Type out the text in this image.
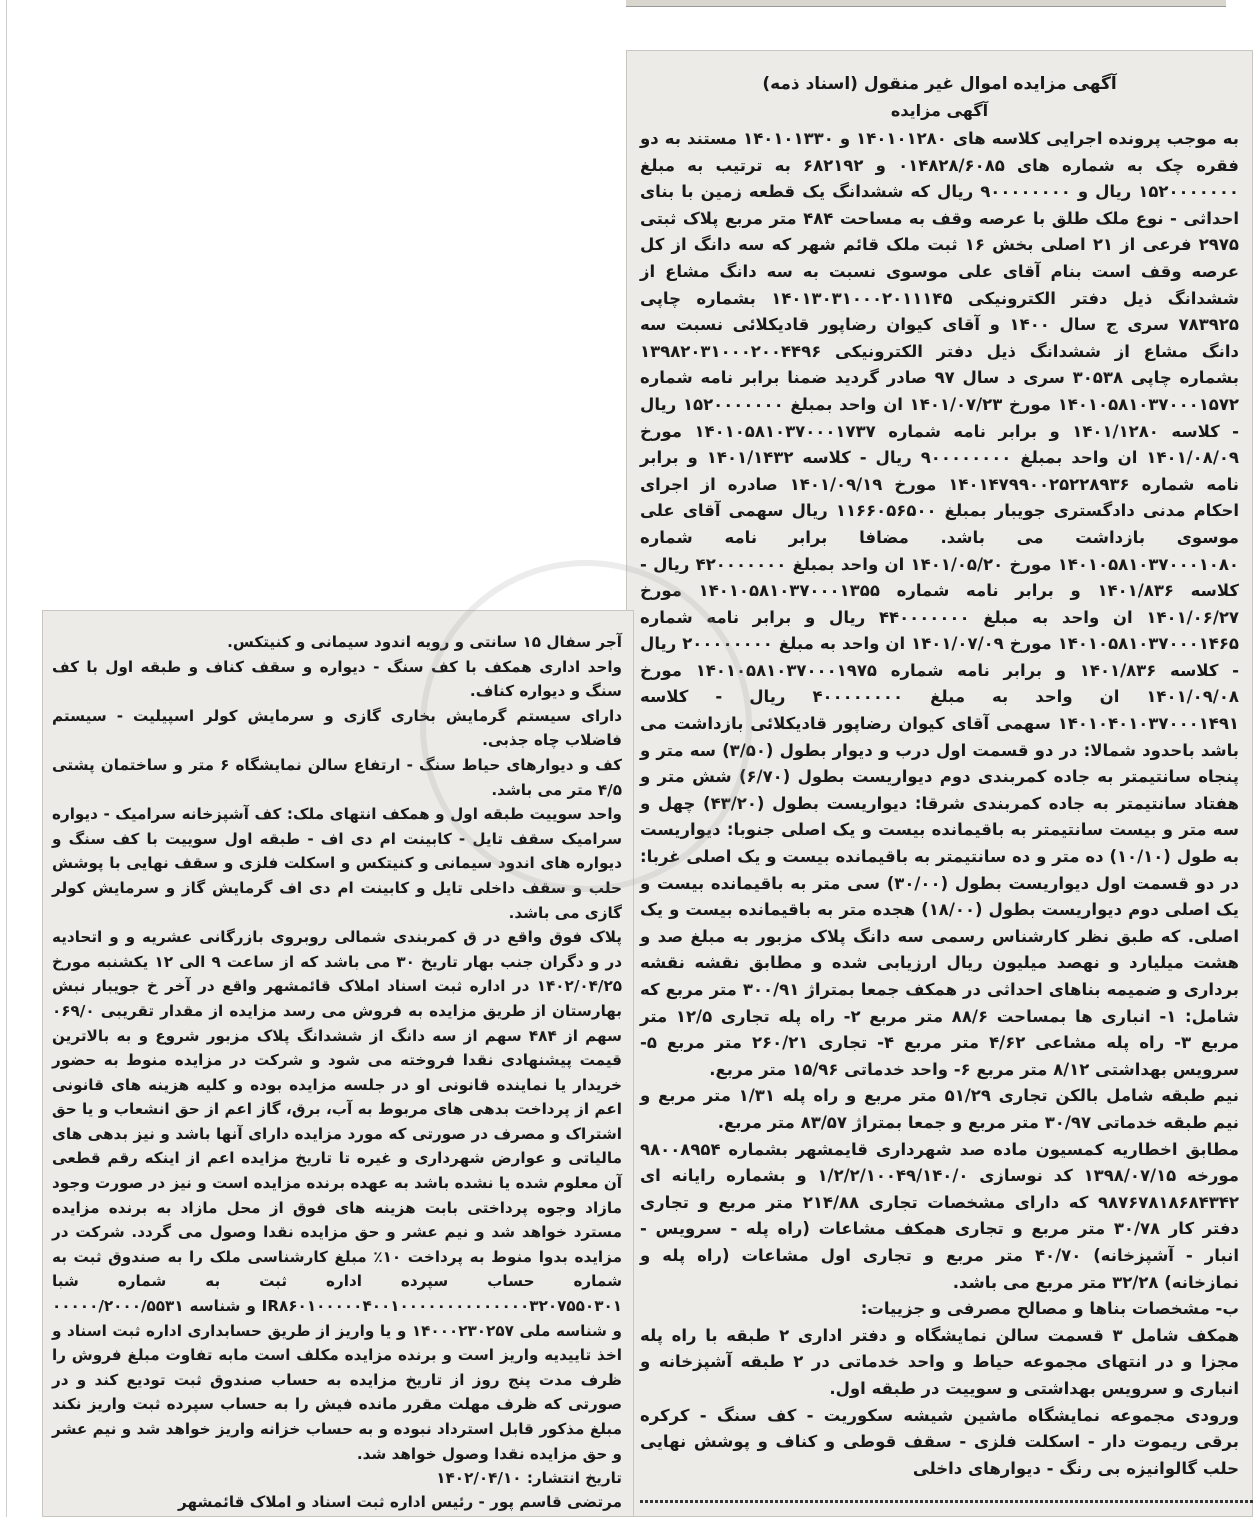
آگهی مزایده اموال غیر منقول (اسناد ذمه)

آگهی مزایده

به موجب پرونده اجرایی کلاسه های ۱۴۰۱۰۱۲۸۰ و ۱۴۰۱۰۱۳۳۰ مستند به دو فقره چک به شماره های ۰۱۴۸۲۸/۶۰۸۵ و ۶۸۲۱۹۲ به ترتیب به مبلغ ۱۵۲۰۰۰۰۰۰۰ ریال و ۹۰۰۰۰۰۰۰۰ ریال که ششدانگ یک قطعه زمین با بنای احداثی - نوع ملک طلق با عرصه وقف به مساحت ۴۸۴ متر مربع پلاک ثبتی ۲۹۷۵ فرعی از ۲۱ اصلی بخش ۱۶ ثبت ملک قائم شهر که سه دانگ از کل عرصه وقف است بنام آقای علی موسوی نسبت به سه دانگ مشاع از ششدانگ ذیل دفتر الکترونیکی ۱۴۰۱۳۰۳۱۰۰۰۲۰۱۱۱۴۵ بشماره چاپی ۷۸۳۹۲۵ سری ج سال ۱۴۰۰ و آقای کیوان رضاپور قادیکلائی نسبت سه دانگ مشاع از ششدانگ ذیل دفتر الکترونیکی ۱۳۹۸۲۰۳۱۰۰۰۲۰۰۴۴۹۶ بشماره چاپی ۳۰۵۳۸ سری د سال ۹۷ صادر گردید ضمنا برابر نامه شماره ۱۴۰۱۰۵۸۱۰۳۷۰۰۰۱۵۷۲ مورخ ۱۴۰۱/۰۷/۲۳ ان واحد بمبلغ ۱۵۲۰۰۰۰۰۰۰ ریال - کلاسه ۱۴۰۱/۱۲۸۰ و برابر نامه شماره ۱۴۰۱۰۵۸۱۰۳۷۰۰۰۱۷۳۷ مورخ ۱۴۰۱/۰۸/۰۹ ان واحد بمبلغ ۹۰۰۰۰۰۰۰۰ ریال - کلاسه ۱۴۰۱/۱۴۳۲ و برابر نامه شماره ۱۴۰۱۴۷۹۹۰۰۲۵۲۲۸۹۳۶ مورخ ۱۴۰۱/۰۹/۱۹ صادره از اجرای احکام مدنی دادگستری جویبار بمبلغ ۱۱۶۶۰۵۶۵۰۰ ریال سهمی آقای علی موسوی بازداشت می باشد. مضافا برابر نامه شماره ۱۴۰۱۰۵۸۱۰۳۷۰۰۰۱۰۸۰ مورخ ۱۴۰۱/۰۵/۲۰ ان واحد بمبلغ ۴۲۰۰۰۰۰۰۰ ریال - کلاسه ۱۴۰۱/۸۳۶ و برابر نامه شماره ۱۴۰۱۰۵۸۱۰۳۷۰۰۰۱۳۵۵ مورخ ۱۴۰۱/۰۶/۲۷ ان واحد به مبلغ ۴۴۰۰۰۰۰۰۰ ریال و برابر نامه شماره ۱۴۰۱۰۵۸۱۰۳۷۰۰۰۱۴۶۵ مورخ ۱۴۰۱/۰۷/۰۹ ان واحد به مبلغ ۲۰۰۰۰۰۰۰۰ ریال - کلاسه ۱۴۰۱/۸۳۶ و برابر نامه شماره ۱۴۰۱۰۵۸۱۰۳۷۰۰۰۱۹۷۵ مورخ ۱۴۰۱/۰۹/۰۸ ان واحد به مبلغ ۴۰۰۰۰۰۰۰۰ ریال - کلاسه ۱۴۰۱۰۴۰۱۰۳۷۰۰۰۱۴۹۱ سهمی آقای کیوان رضاپور قادیکلائی بازداشت می باشد باحدود شمالا: در دو قسمت اول درب و دیوار بطول (۳/۵۰) سه متر و پنجاه سانتیمتر به جاده کمربندی دوم دیواریست بطول (۶/۷۰) شش متر و هفتاد سانتیمتر به جاده کمربندی شرقا: دیواریست بطول (۴۳/۲۰) چهل و سه متر و بیست سانتیمتر به باقیمانده بیست و یک اصلی جنوبا: دیواریست به طول (۱۰/۱۰) ده متر و ده سانتیمتر به باقیمانده بیست و یک اصلی غربا: در دو قسمت اول دیواریست بطول (۳۰/۰۰) سی متر به باقیمانده بیست و یک اصلی دوم دیواریست بطول (۱۸/۰۰) هجده متر به باقیمانده بیست و یک اصلی. که طبق نظر کارشناس رسمی سه دانگ پلاک مزبور به مبلغ صد و هشت میلیارد و نهصد میلیون ریال ارزیابی شده و مطابق نقشه نقشه برداری و ضمیمه بناهای احداثی در همکف جمعا بمتراژ ۳۰۰/۹۱ متر مربع که شامل: ۱- انباری ها بمساحت ۸۸/۶ متر مربع ۲- راه پله تجاری ۱۲/۵ متر مربع ۳- راه پله مشاعی ۴/۶۲ متر مربع ۴- تجاری ۲۶۰/۲۱ متر مربع ۵- سرویس بهداشتی ۸/۱۲ متر مربع ۶- واحد خدماتی ۱۵/۹۶ متر مربع.

نیم طبقه شامل بالکن تجاری ۵۱/۲۹ متر مربع و راه پله ۱/۳۱ متر مربع و نیم طبقه خدماتی ۳۰/۹۷ متر مربع و جمعا بمتراژ ۸۳/۵۷ متر مربع.

مطابق اخطاریه کمسیون ماده صد شهرداری قایمشهر بشماره ۹۸۰۰۸۹۵۴ مورخه ۱۳۹۸/۰۷/۱۵ کد نوسازی ۱/۲/۲/۱۰۰۴۹/۱۴۰/۰ و بشماره رایانه ای ۹۸۷۶۷۸۱۸۶۸۴۳۴۲ که دارای مشخصات تجاری ۲۱۴/۸۸ متر مربع و تجاری دفتر کار ۳۰/۷۸ متر مربع و تجاری همکف مشاعات (راه پله - سرویس - انبار - آشپزخانه) ۴۰/۷۰ متر مربع و تجاری اول مشاعات (راه پله و نمازخانه) ۳۲/۲۸ متر مربع می باشد.

ب- مشخصات بناها و مصالح مصرفی و جزییات:

همکف شامل ۳ قسمت سالن نمایشگاه و دفتر اداری ۲ طبقه با راه پله مجزا و در انتهای مجموعه حیاط و واحد خدماتی در ۲ طبقه آشپزخانه و انباری و سرویس بهداشتی و سوییت در طبقه اول.

ورودی مجموعه نمایشگاه ماشین شیشه سکوریت - کف سنگ - کرکره برقی ریموت دار - اسکلت فلزی - سقف قوطی و کناف و پوشش نهایی حلب گالوانیزه بی رنگ - دیوارهای داخلی

آجر سفال ۱۵ سانتی و رویه اندود سیمانی و کنیتکس.

واحد اداری همکف با کف سنگ - دیواره و سقف کناف و طبقه اول با کف سنگ و دیواره کناف.

دارای سیستم گرمایش بخاری گازی و سرمایش کولر اسپیلیت - سیستم فاضلاب چاه جذبی.

کف و دیوارهای حیاط سنگ - ارتفاع سالن نمایشگاه ۶ متر و ساختمان پشتی ۴/۵ متر می باشد.

واحد سوییت طبقه اول و همکف انتهای ملک: کف آشپزخانه سرامیک - دیواره سرامیک سقف تایل - کابینت ام دی اف - طبقه اول سوییت با کف سنگ و دیواره های اندود سیمانی و کنیتکس و اسکلت فلزی و سقف نهایی با پوشش حلب و سقف داخلی تایل و کابینت ام دی اف گرمایش گاز و سرمایش کولر گازی می باشد.

پلاک فوق واقع در ق کمربندی شمالی روبروی بازرگانی عشریه و و اتحادیه در و دگران جنب بهار تاریخ ۳۰ می باشد که از ساعت ۹ الی ۱۲ یکشنبه مورخ ۱۴۰۲/۰۴/۲۵ در اداره ثبت اسناد املاک قائمشهر واقع در آخر خ جویبار نبش بهارستان از طریق مزایده به فروش می رسد مزایده از مقدار تقریبی ۰۶۹/۰ سهم از ۴۸۴ سهم از سه دانگ از ششدانگ پلاک مزبور شروع و به بالاترین قیمت پیشنهادی نقدا فروخته می شود و شرکت در مزایده منوط به حضور خریدار یا نماینده قانونی او در جلسه مزایده بوده و کلیه هزینه های قانونی اعم از پرداخت بدهی های مربوط به آب، برق، گاز اعم از حق انشعاب و یا حق اشتراک و مصرف در صورتی که مورد مزایده دارای آنها باشد و نیز بدهی های مالیاتی و عوارض شهرداری و غیره تا تاریخ مزایده اعم از اینکه رقم قطعی آن معلوم شده یا نشده باشد به عهده برنده مزایده است و نیز در صورت وجود مازاد وجوه پرداختی بابت هزینه های فوق از محل مازاد به برنده مزایده مسترد خواهد شد و نیم عشر و حق مزایده نقدا وصول می گردد. شرکت در مزایده بدوا منوط به پرداخت ۱۰٪ مبلغ کارشناسی ملک را به صندوق ثبت به شماره حساب سپرده اداره ثبت به شماره شبا IR۸۶۰۱۰۰۰۰۰۴۰۰۱۰۰۰۰۰۰۰۰۰۰۰۰۰۰۳۲۰۷۵۵۰۳۰۱ و شناسه ۰۰۰۰۰/۲۰۰۰/۵۵۳۱ و شناسه ملی ۱۴۰۰۰۲۳۰۲۵۷ و یا واریز از طریق حسابداری اداره ثبت اسناد و اخذ تاییدیه واریز است و برنده مزایده مکلف است مابه تفاوت مبلغ فروش را ظرف مدت پنج روز از تاریخ مزایده به حساب صندوق ثبت تودیع کند و در صورتی که ظرف مهلت مقرر مانده فیش را به حساب سپرده ثبت واریز نکند مبلغ مذکور قابل استرداد نبوده و به حساب خزانه واریز خواهد شد و نیم عشر و حق مزایده نقدا وصول خواهد شد.

تاریخ انتشار: ۱۴۰۲/۰۴/۱۰

مرتضی قاسم پور - رئیس اداره ثبت اسناد و املاک قائمشهر
